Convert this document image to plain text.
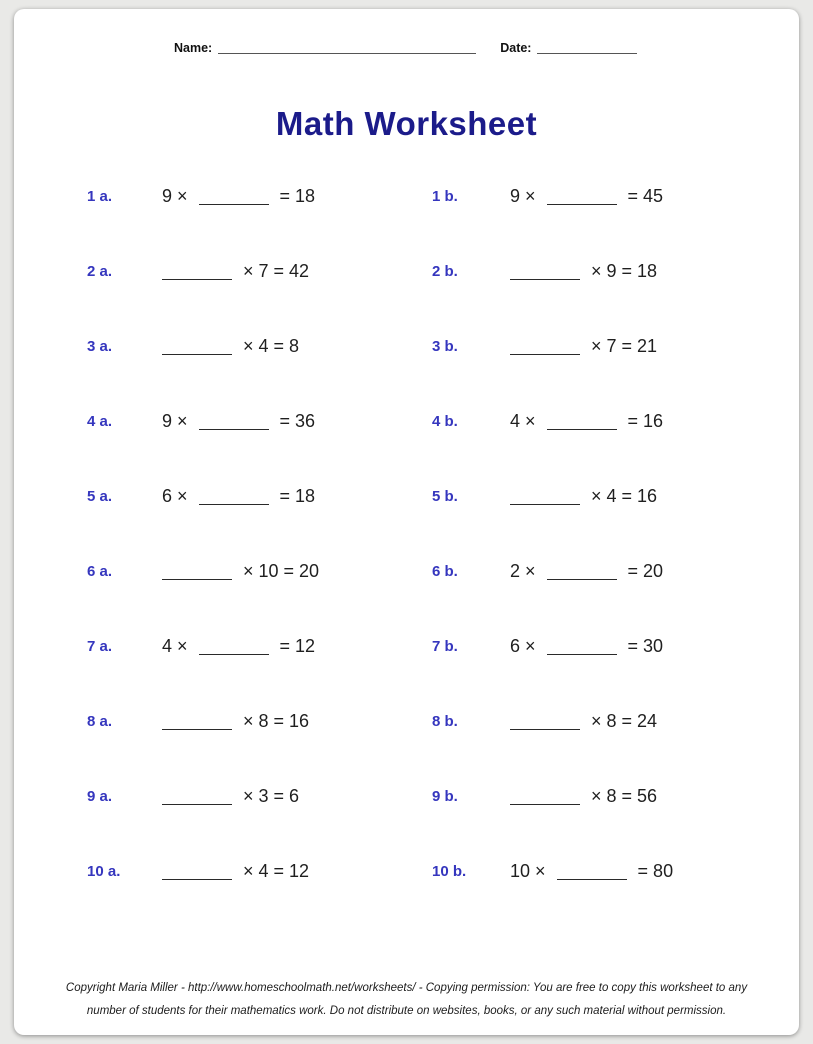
Name:	Date:
Math Worksheet
1 a.	9 ×	= 18	1 b.	9 ×	= 45
2 a.	× 7 = 42	2 b.	× 9 = 18
3 a.	× 4 = 8	3 b.	× 7 = 21
4 a.	9 ×	= 36	4 b.	4 ×	= 16
5 a.	6 ×	= 18	5 b.	× 4 = 16
6 a.	× 10 = 20	6 b.	2 ×	= 20
7 a.	4 ×	= 12	7 b.	6 ×	= 30
8 a.	× 8 = 16	8 b.	× 8 = 24
9 a.	× 3 = 6	9 b.	× 8 = 56
10 a.	× 4 = 12	10 b.	10 ×	= 80
Copyright Maria Miller - http://www.homeschoolmath.net/worksheets/ - Copying permission: You are free to copy this worksheet to any
number of students for their mathematics work. Do not distribute on websites, books, or any such material without permission.
